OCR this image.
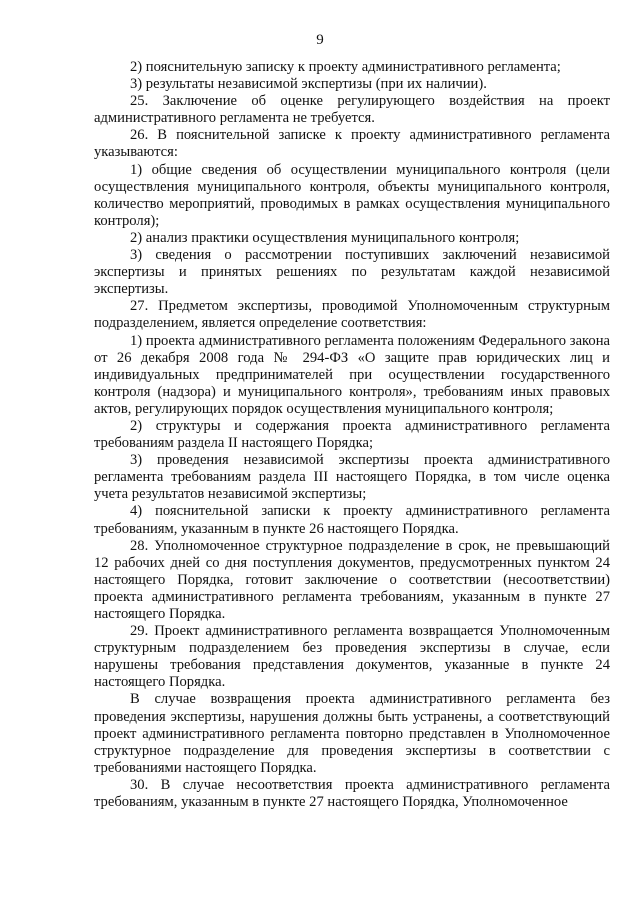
9

2) пояснительную записку к проекту административного регламента;

3) результаты независимой экспертизы (при их наличии).

25. Заключение об оценке регулирующего воздействия на проект административного регламента не требуется.

26. В пояснительной записке к проекту административного регламента указываются:

1) общие сведения об осуществлении муниципального контроля (цели осуществления муниципального контроля, объекты муниципального контроля, количество мероприятий, проводимых в рамках осуществления муниципального контроля);

2) анализ практики осуществления муниципального контроля;

3) сведения о рассмотрении поступивших заключений независимой экспертизы и принятых решениях по результатам каждой независимой экспертизы.

27. Предметом экспертизы, проводимой Уполномоченным структурным подразделением, является определение соответствия:

1) проекта административного регламента положениям Федерального закона от 26 декабря 2008 года № 294-ФЗ «О защите прав юридических лиц и индивидуальных предпринимателей при осуществлении государственного контроля (надзора) и муниципального контроля», требованиям иных правовых актов, регулирующих порядок осуществления муниципального контроля;

2) структуры и содержания проекта административного регламента требованиям раздела II настоящего Порядка;

3) проведения независимой экспертизы проекта административного регламента требованиям раздела III настоящего Порядка, в том числе оценка учета результатов независимой экспертизы;

4) пояснительной записки к проекту административного регламента требованиям, указанным в пункте 26 настоящего Порядка.

28. Уполномоченное структурное подразделение в срок, не превышающий 12 рабочих дней со дня поступления документов, предусмотренных пунктом 24 настоящего Порядка, готовит заключение о соответствии (несоответствии) проекта административного регламента требованиям, указанным в пункте 27 настоящего Порядка.

29. Проект административного регламента возвращается Уполномоченным структурным подразделением без проведения экспертизы в случае, если нарушены требования представления документов, указанные в пункте 24 настоящего Порядка.

В случае возвращения проекта административного регламента без проведения экспертизы, нарушения должны быть устранены, а соответствующий проект административного регламента повторно представлен в Уполномоченное структурное подразделение для проведения экспертизы в соответствии с требованиями настоящего Порядка.

30. В случае несоответствия проекта административного регламента требованиям, указанным в пункте 27 настоящего Порядка, Уполномоченное
